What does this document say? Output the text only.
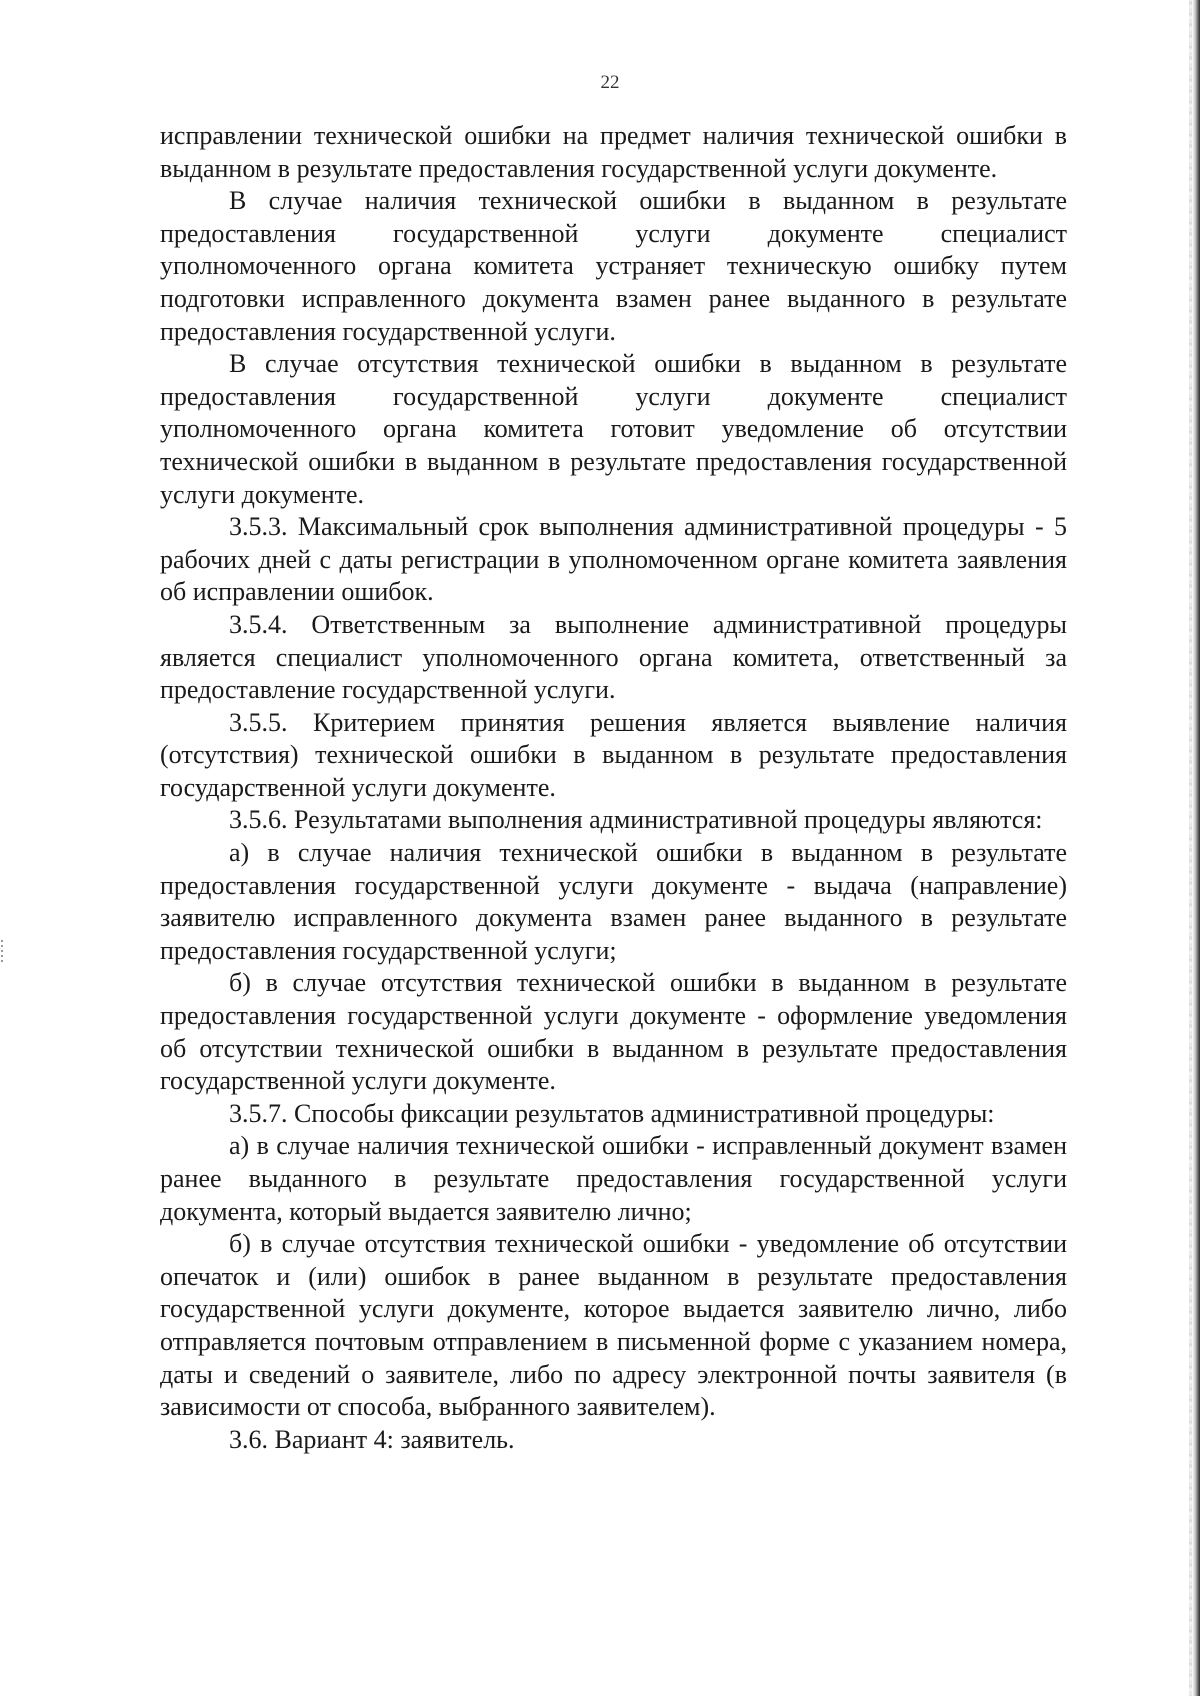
22

исправлении технической ошибки на предмет наличия технической ошибки в выданном в результате предоставления государственной услуги документе.

В случае наличия технической ошибки в выданном в результате предоставления государственной услуги документе специалист уполномоченного органа комитета устраняет техническую ошибку путем подготовки исправленного документа взамен ранее выданного в результате предоставления государственной услуги.

В случае отсутствия технической ошибки в выданном в результате предоставления государственной услуги документе специалист уполномоченного органа комитета готовит уведомление об отсутствии технической ошибки в выданном в результате предоставления государственной услуги документе.

3.5.3. Максимальный срок выполнения административной процедуры - 5 рабочих дней с даты регистрации в уполномоченном органе комитета заявления об исправлении ошибок.

3.5.4. Ответственным за выполнение административной процедуры является специалист уполномоченного органа комитета, ответственный за предоставление государственной услуги.

3.5.5. Критерием принятия решения является выявление наличия (отсутствия) технической ошибки в выданном в результате предоставления государственной услуги документе.

3.5.6. Результатами выполнения административной процедуры являются:

а) в случае наличия технической ошибки в выданном в результате предоставления государственной услуги документе - выдача (направление) заявителю исправленного документа взамен ранее выданного в результате предоставления государственной услуги;

б) в случае отсутствия технической ошибки в выданном в результате предоставления государственной услуги документе - оформление уведомления об отсутствии технической ошибки в выданном в результате предоставления государственной услуги документе.

3.5.7. Способы фиксации результатов административной процедуры:

а) в случае наличия технической ошибки - исправленный документ взамен ранее выданного в результате предоставления государственной услуги документа, который выдается заявителю лично;

б) в случае отсутствия технической ошибки - уведомление об отсутствии опечаток и (или) ошибок в ранее выданном в результате предоставления государственной услуги документе, которое выдается заявителю лично, либо отправляется почтовым отправлением в письменной форме с указанием номера, даты и сведений о заявителе, либо по адресу электронной почты заявителя (в зависимости от способа, выбранного заявителем).

3.6. Вариант 4: заявитель.
